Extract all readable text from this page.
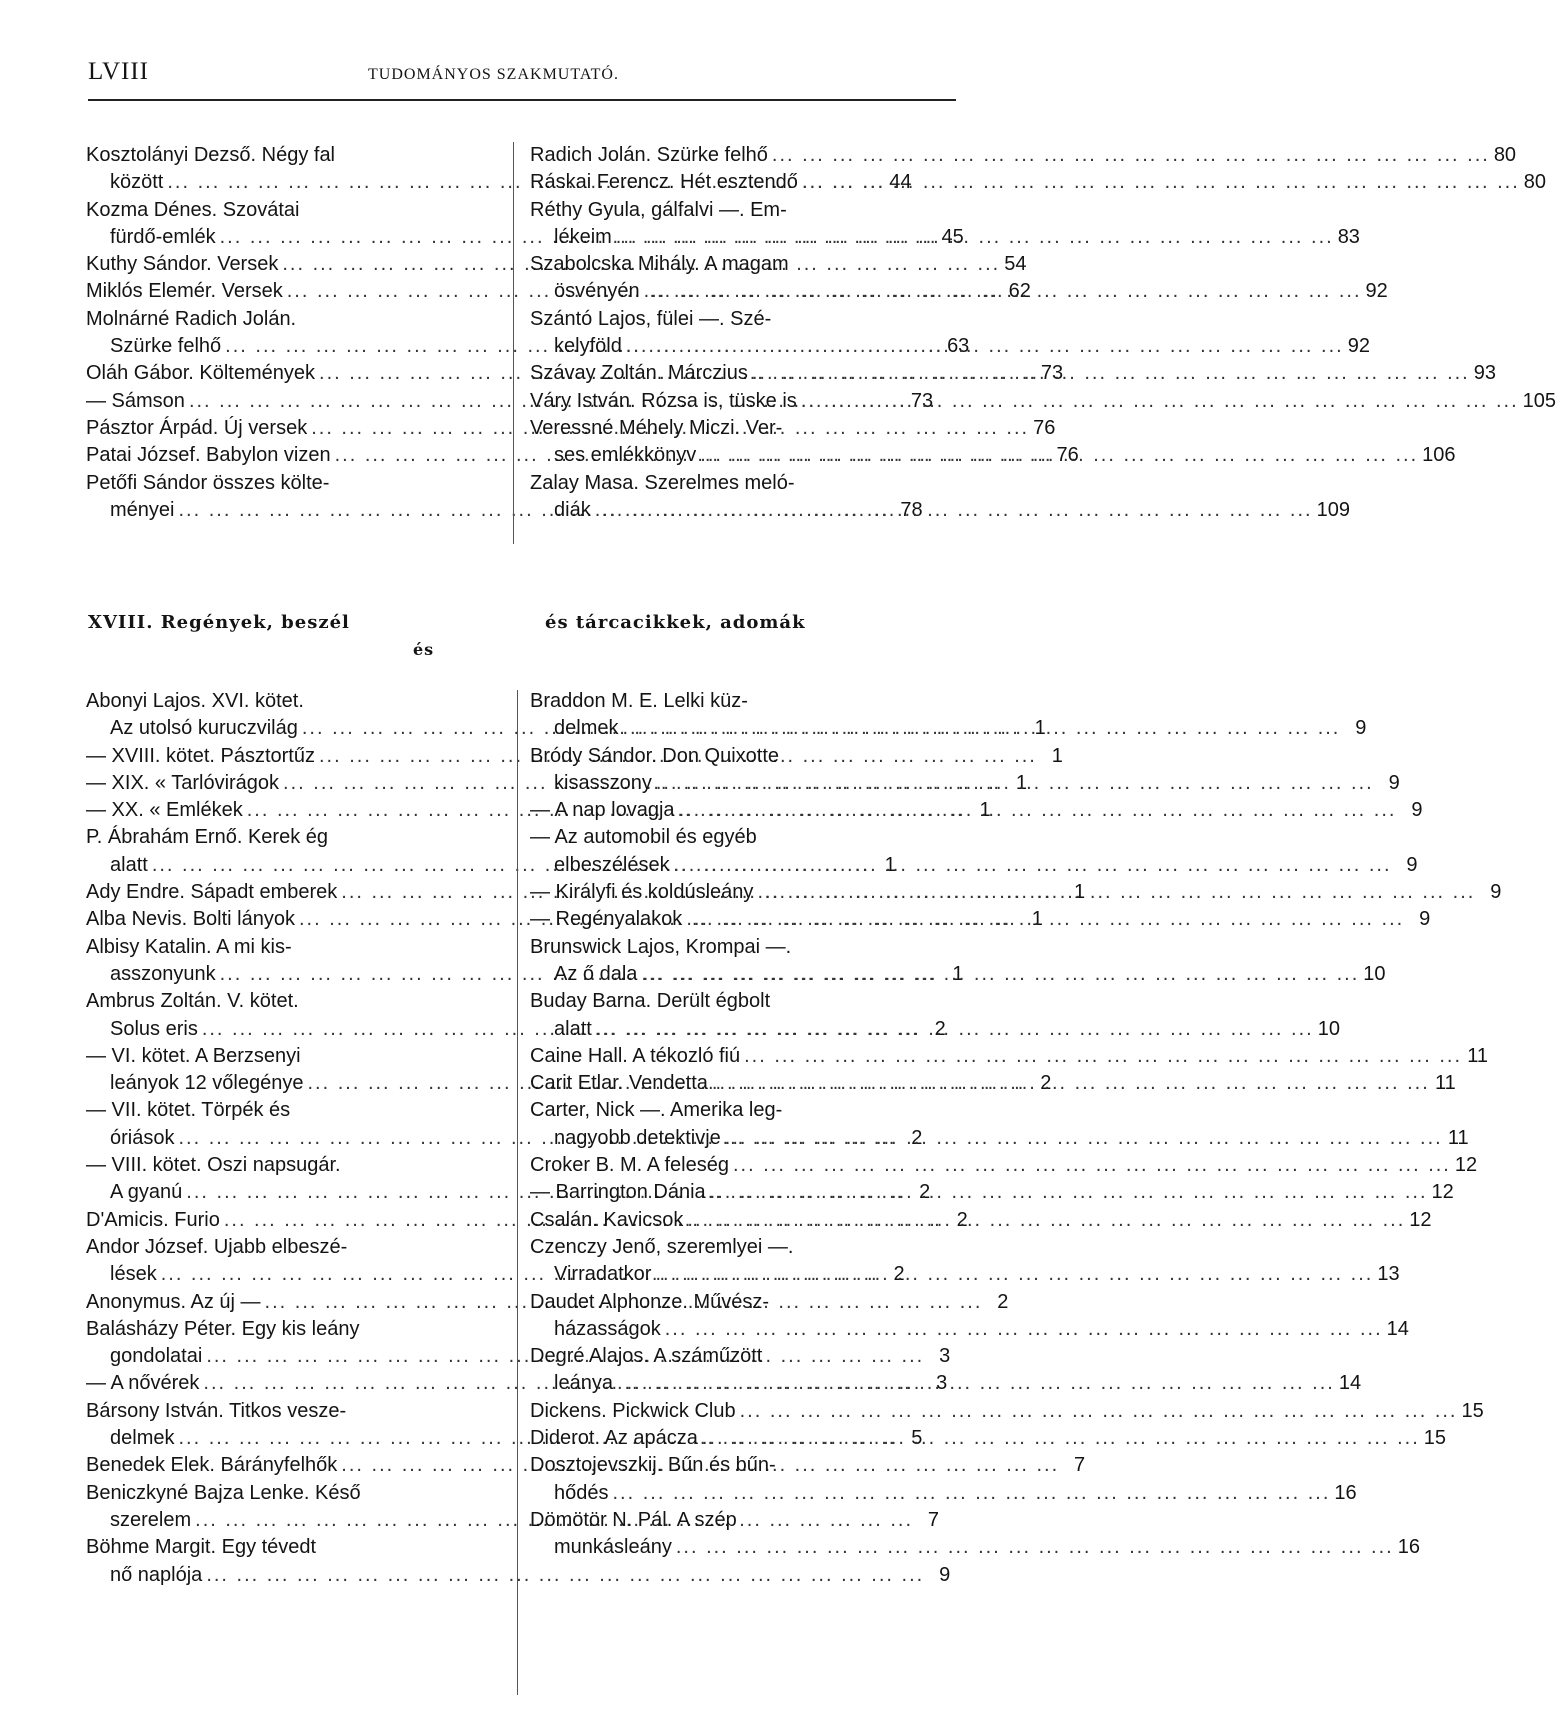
LVIII	TUDOMÁNYOS SZAKMUTATÓ.
Kosztolányi Dezső. Négy fal
között ... .	44
Kozma Dénes. Szovátai
fürdő-emlék ... .	45
Kuthy Sándor. Versek ... .	54
Miklós Elemér. Versek ... .	62
Molnárné Radich Jolán.
Szürke felhő ... .	63
Oláh Gábor. Költemények ... .	73
— Sámson ... .	73
Pásztor Árpád. Új versek ... .	76
Patai József. Babylon vizen ... .	76
Petőfi Sándor összes költe-
ményei ... .	78
Radich Jolán. Szürke felhő ... .	80
Ráskai Ferencz. Hét esztendő ... .	80
Réthy Gyula, gálfalvi —. Em-
lékeim ... .	83
Szabolcska Mihály. A magam
ösvényén ... .	92
Szántó Lajos, fülei —. Szé-
kelyföld ... .	92
Szávay Zoltán. Márczius ... .	93
Váry István. Rózsa is, tüske is ... .	105
Veressné Méhely Miczi. Ver-
ses emlékkönyv ... .	106
Zalay Masa. Szerelmes meló-
diák ... .	109
XVIII. Regények, beszél	és tárcacikkek, adomák
és
Abonyi Lajos. XVI. kötet.
Az utolsó kuruczvilág ... .	1
— XVIII. kötet. Pásztortűz ... .	1
— XIX. « Tarlóvirágok ... .	1
— XX. « Emlékek ... .	1
P. Ábrahám Ernő. Kerek ég
alatt ... .	1
Ady Endre. Sápadt emberek ... .	1
Alba Nevis. Bolti lányok ... .	1
Albisy Katalin. A mi kis-
asszonyunk ... .	1
Ambrus Zoltán. V. kötet.
Solus eris ... .	2
— VI. kötet. A Berzsenyi
leányok 12 vőlegénye ... .	2
— VII. kötet. Törpék és
óriások ... .	2
— VIII. kötet. Oszi napsugár.
A gyanú ... .	2
D'Amicis. Furio ... .	2
Andor József. Ujabb elbeszé-
lések ... .	2
Anonymus. Az új — ... .	2
Balásházy Péter. Egy kis leány
gondolatai ... .	3
— A nővérek ... .	3
Bársony István. Titkos vesze-
delmek ... .	5
Benedek Elek. Bárányfelhők ... .	7
Beniczkyné Bajza Lenke. Késő
szerelem ... .	7
Böhme Margit. Egy tévedt
nő naplója ... .	9
Braddon M. E. Lelki küz-
delmek ... .	9
Bródy Sándor. Don Quixotte
kisasszony ... .	9
— A nap lovagja ... .	9
— Az automobil és egyéb
elbeszélések ... .	9
— Királyfi és koldúsleány ... .	9
— Regényalakok ... .	9
Brunswick Lajos, Krompai —.
Az ő dala ... .	10
Buday Barna. Derült égbolt
alatt ... .	10
Caine Hall. A tékozló fiú ... .	11
Carit Etlar. Vendetta ... .	11
Carter, Nick —. Amerika leg-
nagyobb detektivje ... .	11
Croker B. M. A feleség ... .	12
— Barrington Dánia ... .	12
Csalán. Kavicsok ... .	12
Czenczy Jenő, szeremlyei —.
Virradatkor ... .	13
Daudet Alphonze. Művész-
házasságok ... .	14
Degré Alajos. A száműzött
leánya ... .	14
Dickens. Pickwick Club ... .	15
Diderot. Az apácza ... .	15
Dosztojevszkij. Bűn és bűn-
hődés ... .	16
Dömötör N. Pál. A szép
munkásleány ... .	16
